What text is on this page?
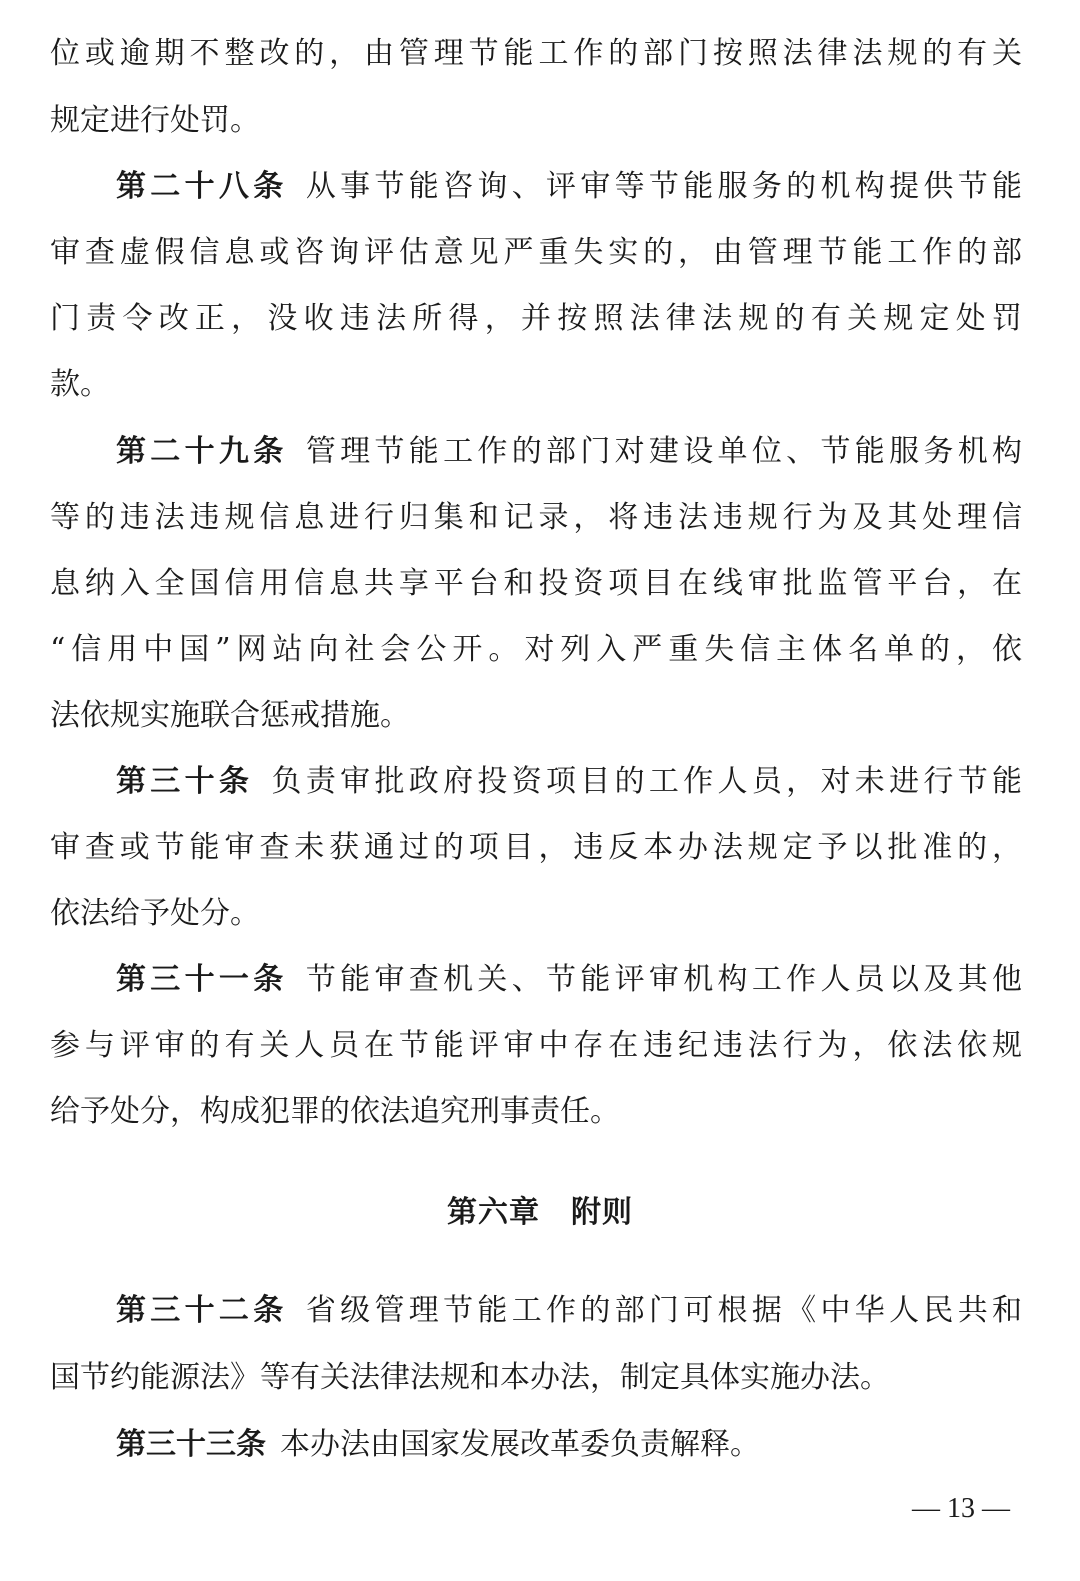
位或逾期不整改的，由管理节能工作的部门按照法律法规的有关
规定进行处罚。
第二十八条 从事节能咨询、评审等节能服务的机构提供节能
审查虚假信息或咨询评估意见严重失实的，由管理节能工作的部
门责令改正，没收违法所得，并按照法律法规的有关规定处罚
款。
第二十九条 管理节能工作的部门对建设单位、节能服务机构
等的违法违规信息进行归集和记录，将违法违规行为及其处理信
息纳入全国信用信息共享平台和投资项目在线审批监管平台，在
“信用中国”网站向社会公开。对列入严重失信主体名单的，依
法依规实施联合惩戒措施。
第三十条 负责审批政府投资项目的工作人员，对未进行节能
审查或节能审查未获通过的项目，违反本办法规定予以批准的，
依法给予处分。
第三十一条 节能审查机关、节能评审机构工作人员以及其他
参与评审的有关人员在节能评审中存在违纪违法行为，依法依规
给予处分，构成犯罪的依法追究刑事责任。
第三十二条 省级管理节能工作的部门可根据《中华人民共和
国节约能源法》等有关法律法规和本办法，制定具体实施办法。
第三十三条 本办法由国家发展改革委负责解释。
第六章　附则
— 13 —
